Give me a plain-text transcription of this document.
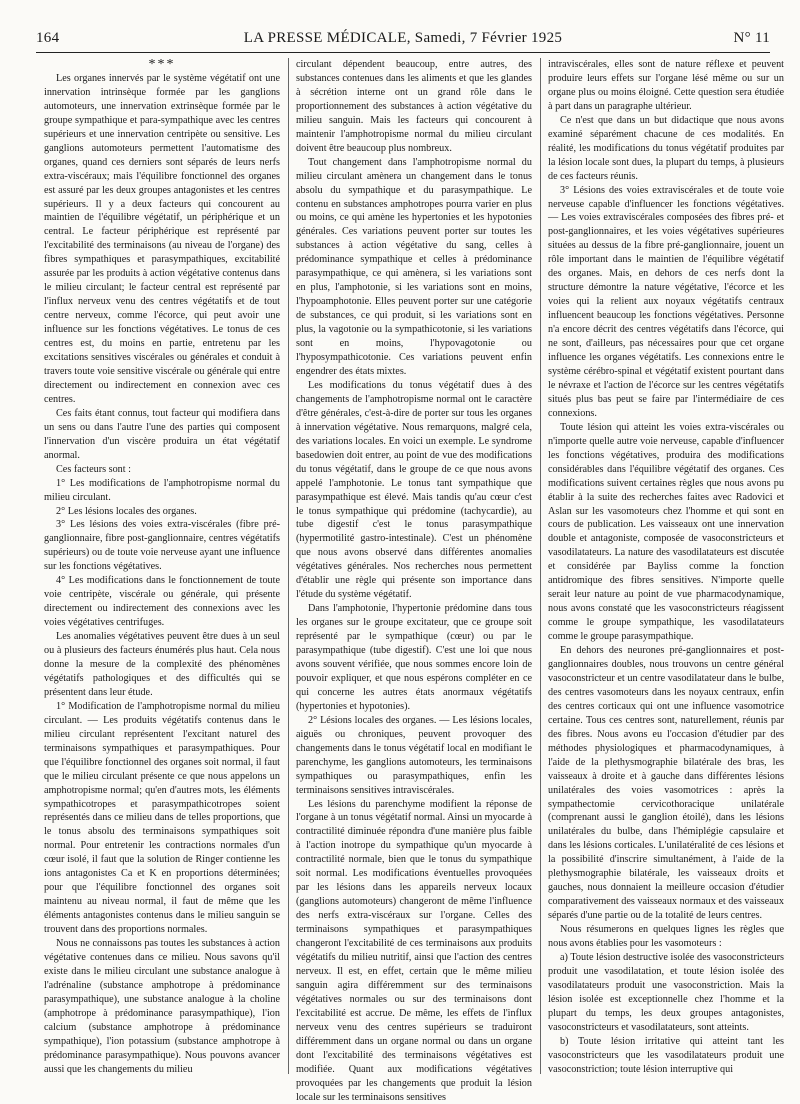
164	LA PRESSE MÉDICALE, Samedi, 7 Février 1925	N° 11

***

Les organes innervés par le système végétatif ont une innervation intrinsèque formée par les ganglions automoteurs, une innervation extrinsèque formée par le groupe sympathique et para-sympathique avec les centres supérieurs et une innervation centripète ou sensitive. Les ganglions automoteurs permettent l'automatisme des organes, quand ces derniers sont séparés de leurs nerfs extra-viscéraux; mais l'équilibre fonctionnel des organes est assuré par les deux groupes antagonistes et les centres supérieurs. Il y a deux facteurs qui concourent au maintien de l'équilibre végétatif, un périphérique et un central. Le facteur périphérique est représenté par l'excitabilité des terminaisons (au niveau de l'organe) des fibres sympathiques et parasympathiques, excitabilité assurée par les produits à action végétative contenus dans le milieu circulant; le facteur central est représenté par l'influx nerveux venu des centres végétatifs et de tout centre nerveux, comme l'écorce, qui peut avoir une influence sur les fonctions végétatives. Le tonus de ces centres est, du moins en partie, entretenu par les excitations sensitives viscérales ou générales et conduit à travers toute voie sensitive viscérale ou générale qui entre directement ou indirectement en connexion avec ces centres.

Ces faits étant connus, tout facteur qui modifiera dans un sens ou dans l'autre l'une des parties qui composent l'innervation d'un viscère produira un état végétatif anormal.

Ces facteurs sont :

1° Les modifications de l'amphotropisme normal du milieu circulant.

2° Les lésions locales des organes.

3° Les lésions des voies extra-viscérales (fibre pré-ganglionnaire, fibre post-ganglionnaire, centres végétatifs supérieurs) ou de toute voie nerveuse ayant une influence sur les fonctions végétatives.

4° Les modifications dans le fonctionnement de toute voie centripète, viscérale ou générale, qui présente directement ou indirectement des connexions avec les voies végétatives centrifuges.

Les anomalies végétatives peuvent être dues à un seul ou à plusieurs des facteurs énumérés plus haut. Cela nous donne la mesure de la complexité des phénomènes végétatifs pathologiques et des difficultés qui se présentent dans leur étude.

1° Modification de l'amphotropisme normal du milieu circulant. — Les produits végétatifs contenus dans le milieu circulant représentent l'excitant naturel des terminaisons sympathiques et parasympathiques. Pour que l'équilibre fonctionnel des organes soit normal, il faut que le milieu circulant présente ce que nous appelons un amphotropisme normal; qu'en d'autres mots, les éléments sympathicotropes et parasympathicotropes soient représentés dans ce milieu dans de telles proportions, que le tonus absolu des terminaisons sympathiques soit normal. Pour entretenir les contractions normales d'un cœur isolé, il faut que la solution de Ringer contienne les ions antagonistes Ca et K en proportions déterminées; pour que l'équilibre fonctionnel des organes soit maintenu au niveau normal, il faut de même que les éléments antagonistes contenus dans le milieu sanguin se trouvent dans des proportions normales.

Nous ne connaissons pas toutes les substances à action végétative contenues dans ce milieu. Nous savons qu'il existe dans le milieu circulant une substance analogue à l'adrénaline (substance amphotrope à prédominance parasympathique), une substance analogue à la choline (amphotrope à prédominance parasympathique), l'ion calcium (substance amphotrope à prédominance sympathique), l'ion potassium (substance amphotrope à prédominance parasympathique). Nous pouvons avancer aussi que les changements du milieu

circulant dépendent beaucoup, entre autres, des substances contenues dans les aliments et que les glandes à sécrétion interne ont un grand rôle dans le proportionnement des substances à action végétative du milieu sanguin. Mais les facteurs qui concourent à maintenir l'amphotropisme normal du milieu circulant doivent être beaucoup plus nombreux.

Tout changement dans l'amphotropisme normal du milieu circulant amènera un changement dans le tonus absolu du sympathique et du parasympathique. Le contenu en substances amphotropes pourra varier en plus ou moins, ce qui amène les hypertonies et les hypotonies générales. Ces variations peuvent porter sur toutes les substances à action végétative du sang, celles à prédominance sympathique et celles à prédominance parasympathique, ce qui amènera, si les variations sont en plus, l'amphotonie, si les variations sont en moins, l'hypoamphotonie. Elles peuvent porter sur une catégorie de substances, ce qui produit, si les variations sont en plus, la vagotonie ou la sympathicotonie, si les variations sont en moins, l'hypovagotonie ou l'hyposympathicotonie. Ces variations peuvent enfin engendrer des états mixtes.

Les modifications du tonus végétatif dues à des changements de l'amphotropisme normal ont le caractère d'être générales, c'est-à-dire de porter sur tous les organes à innervation végétative. Nous remarquons, malgré cela, des variations locales. En voici un exemple. Le syndrome basedowien doit entrer, au point de vue des modifications du tonus végétatif, dans le groupe de ce que nous avons appelé l'amphotonie. Le tonus tant sympathique que parasympathique est élevé. Mais tandis qu'au cœur c'est le tonus sympathique qui prédomine (tachycardie), au tube digestif c'est le tonus parasympathique (hypermotilité gastro-intestinale). C'est un phénomène que nous avons observé dans différentes anomalies végétatives générales. Nos recherches nous permettent d'établir une règle qui présente son importance dans l'étude du système végétatif.

Dans l'amphotonie, l'hypertonie prédomine dans tous les organes sur le groupe excitateur, que ce groupe soit représenté par le sympathique (cœur) ou par le parasympathique (tube digestif). C'est une loi que nous avons souvent vérifiée, que nous sommes encore loin de pouvoir expliquer, et que nous espérons compléter en ce qui concerne les autres états anormaux végétatifs (hypertonies et hypotonies).

2° Lésions locales des organes. — Les lésions locales, aiguës ou chroniques, peuvent provoquer des changements dans le tonus végétatif local en modifiant le parenchyme, les ganglions automoteurs, les terminaisons sympathiques ou parasympathiques, enfin les terminaisons sensitives intraviscérales.

Les lésions du parenchyme modifient la réponse de l'organe à un tonus végétatif normal. Ainsi un myocarde à contractilité diminuée répondra d'une manière plus faible à l'action inotrope du sympathique qu'un myocarde à contractilité normale, bien que le tonus du sympathique soit normal. Les modifications éventuelles provoquées par les lésions dans les appareils nerveux locaux (ganglions automoteurs) changeront de même l'influence des nerfs extra-viscéraux sur l'organe. Celles des terminaisons sympathiques et parasympathiques changeront l'excitabilité de ces terminaisons aux produits végétatifs du milieu nutritif, ainsi que l'action des centres nerveux. Il est, en effet, certain que le même milieu sanguin agira différemment sur des terminaisons végétatives normales ou sur des terminaisons dont l'excitabilité est accrue. De même, les effets de l'influx nerveux venu des centres supérieurs se traduiront différemment dans un organe normal ou dans un organe dont l'excitabilité des terminaisons végétatives est modifiée. Quant aux modifications végétatives provoquées par les changements que produit la lésion locale sur les terminaisons sensitives

intraviscérales, elles sont de nature réflexe et peuvent produire leurs effets sur l'organe lésé même ou sur un organe plus ou moins éloigné. Cette question sera étudiée à part dans un paragraphe ultérieur.

Ce n'est que dans un but didactique que nous avons examiné séparément chacune de ces modalités. En réalité, les modifications du tonus végétatif produites par la lésion locale sont dues, la plupart du temps, à plusieurs de ces facteurs réunis.

3° Lésions des voies extraviscérales et de toute voie nerveuse capable d'influencer les fonctions végétatives. — Les voies extraviscérales composées des fibres pré- et post-ganglionnaires, et les voies végétatives supérieures situées au dessus de la fibre pré-ganglionnaire, jouent un rôle important dans le maintien de l'équilibre végétatif des organes. Mais, en dehors de ces nerfs dont la structure démontre la nature végétative, l'écorce et les voies qui la relient aux noyaux végétatifs centraux influencent beaucoup les fonctions végétatives. Personne n'a encore décrit des centres végétatifs dans l'écorce, qui ne sont, d'ailleurs, pas nécessaires pour que cet organe influence les organes végétatifs. Les connexions entre le système cérébro-spinal et végétatif existent pourtant dans le névraxe et l'action de l'écorce sur les centres végétatifs situés plus bas peut se faire par l'intermédiaire de ces connexions.

Toute lésion qui atteint les voies extra-viscérales ou n'importe quelle autre voie nerveuse, capable d'influencer les fonctions végétatives, produira des modifications considérables dans l'équilibre végétatif des organes. Ces modifications suivent certaines règles que nous avons pu établir à la suite des recherches faites avec Radovici et Aslan sur les vasomoteurs chez l'homme et qui sont en cours de publication. Les vaisseaux ont une innervation double et antagoniste, composée de vasoconstricteurs et vasodilatateurs. La nature des vasodilatateurs est discutée et considérée par Bayliss comme la fonction antidromique des fibres sensitives. N'importe quelle serait leur nature au point de vue pharmacodynamique, nous avons constaté que les vasoconstricteurs réagissent comme le groupe sympathique, les vasodilatateurs comme le groupe parasympathique.

En dehors des neurones pré-ganglionnaires et post-ganglionnaires doubles, nous trouvons un centre général vasoconstricteur et un centre vasodilatateur dans le bulbe, des centres vasomoteurs dans les noyaux centraux, enfin des centres corticaux qui ont une influence vasomotrice certaine. Tous ces centres sont, naturellement, réunis par des fibres. Nous avons eu l'occasion d'étudier par des méthodes physiologiques et pharmacodynamiques, à l'aide de la plethysmographie bilatérale des bras, les vaisseaux à droite et à gauche dans différentes lésions unilatérales des voies vasomotrices : après la sympathectomie cervicothoracique unilatérale (comprenant aussi le ganglion étoilé), dans les lésions unilatérales du bulbe, dans l'hémiplégie capsulaire et dans les lésions corticales. L'unilatéralité de ces lésions et la possibilité d'inscrire simultanément, à l'aide de la plethysmographie bilatérale, les vaisseaux droits et gauches, nous donnaient la meilleure occasion d'étudier comparativement des vaisseaux normaux et des vaisseaux séparés d'une partie ou de la totalité de leurs centres.

Nous résumerons en quelques lignes les règles que nous avons établies pour les vasomoteurs :

a) Toute lésion destructive isolée des vasoconstricteurs produit une vasodilatation, et toute lésion isolée des vasodilatateurs produit une vasoconstriction. Mais la lésion isolée est exceptionnelle chez l'homme et la plupart du temps, les deux groupes antagonistes, vasoconstricteurs et vasodilatateurs, sont atteints.

b) Toute lésion irritative qui atteint tant les vasoconstricteurs que les vasodilatateurs produit une vasoconstriction; toute lésion interruptive qui
